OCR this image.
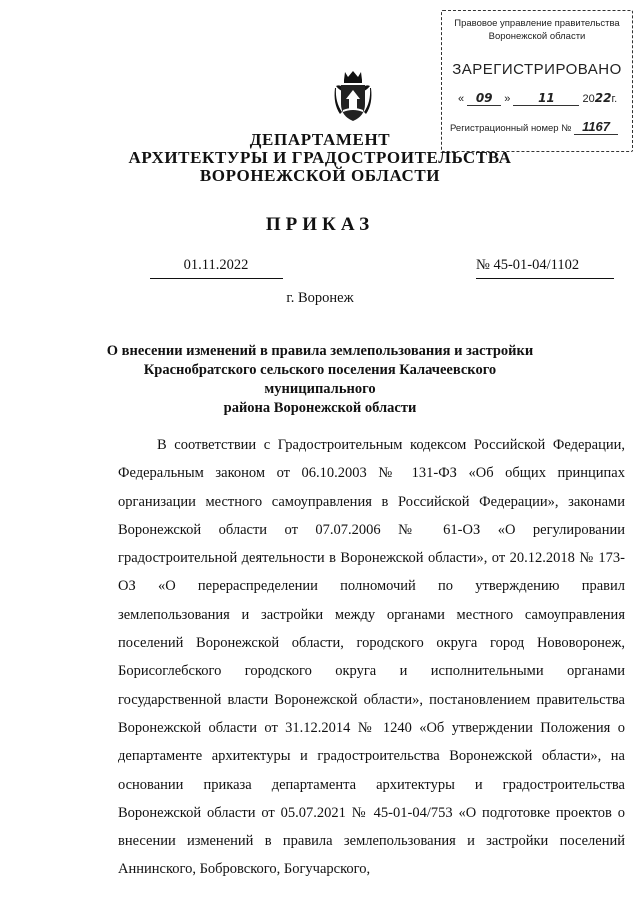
Правовое управление правительства
Воронежской области
ЗАРЕГИСТРИРОВАНО
« 09 » 11	2022г.
Регистрационный номер № 1167
ДЕПАРТАМЕНТ
АРХИТЕКТУРЫ И ГРАДОСТРОИТЕЛЬСТВА
ВОРОНЕЖСКОЙ ОБЛАСТИ
ПРИКАЗ
01.11.2022	№ 45-01-04/1102
г. Воронеж
О внесении изменений в правила землепользования и застройки
Краснобратского сельского поселения Калачеевского муниципального
района Воронежской области

В соответствии с Градостроительным кодексом Российской Федерации, Федеральным законом от 06.10.2003 № 131-ФЗ «Об общих принципах организации местного самоуправления в Российской Федерации», законами Воронежской области от 07.07.2006 № 61-ОЗ «О регулировании градостроительной деятельности в Воронежской области», от 20.12.2018 № 173-ОЗ «О перераспределении полномочий по утверждению правил землепользования и застройки между органами местного самоуправления поселений Воронежской области, городского округа город Нововоронеж, Борисоглебского городского округа и исполнительными органами государственной власти Воронежской области», постановлением правительства Воронежской области от 31.12.2014 № 1240 «Об утверждении Положения о департаменте архитектуры и градостроительства Воронежской области», на основании приказа департамента архитектуры и градостроительства Воронежской области от 05.07.2021 № 45-01-04/753 «О подготовке проектов о внесении изменений в правила землепользования и застройки поселений Аннинского, Бобровского, Богучарского,
